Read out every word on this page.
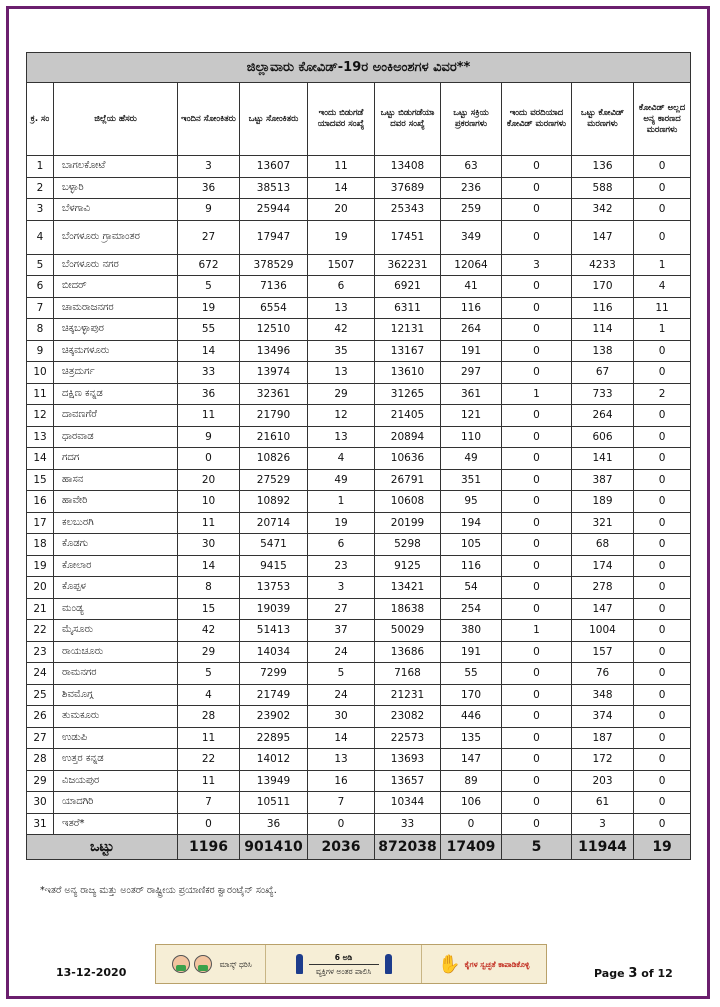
ಜಿಲ್ಲಾವಾರು ಕೋವಿಡ್-19ರ ಅಂಕಿಅಂಶಗಳ ವಿವರ**									
ಕ್ರ. ಸಂ	ಜಿಲ್ಲೆಯ ಹೆಸರು	ಇಂದಿನ ಸೋಂಕಿತರು	ಒಟ್ಟು ಸೋಂಕಿತರು	ಇಂದು ಬಿಡುಗಡೆ ಯಾದವರ ಸಂಖ್ಯೆ	ಒಟ್ಟು ಬಿಡುಗಡೆಯಾ ದವರ ಸಂಖ್ಯೆ	ಒಟ್ಟು ಸಕ್ರಿಯ ಪ್ರಕರಣಗಳು	ಇಂದು ವರದಿಯಾದ ಕೋವಿಡ್ ಮರಣಗಳು	ಒಟ್ಟು ಕೋವಿಡ್ ಮರಣಗಳು	ಕೋವಿಡ್ ಅಲ್ಲದ ಅನ್ಯ ಕಾರಣದ ಮರಣಗಳು
1	ಬಾಗಲಕೋಟೆ	3	13607	11	13408	63	0	136	0
2	ಬಳ್ಳಾರಿ	36	38513	14	37689	236	0	588	0
3	ಬೆಳಗಾವಿ	9	25944	20	25343	259	0	342	0
4	ಬೆಂಗಳೂರು ಗ್ರಾಮಾಂತರ	27	17947	19	17451	349	0	147	0
5	ಬೆಂಗಳೂರು ನಗರ	672	378529	1507	362231	12064	3	4233	1
6	ಬೀದರ್	5	7136	6	6921	41	0	170	4
7	ಚಾಮರಾಜನಗರ	19	6554	13	6311	116	0	116	11
8	ಚಿಕ್ಕಬಳ್ಳಾಪುರ	55	12510	42	12131	264	0	114	1
9	ಚಿಕ್ಕಮಗಳೂರು	14	13496	35	13167	191	0	138	0
10	ಚಿತ್ರದುರ್ಗ	33	13974	13	13610	297	0	67	0
11	ದಕ್ಷಿಣ ಕನ್ನಡ	36	32361	29	31265	361	1	733	2
12	ದಾವಣಗೆರೆ	11	21790	12	21405	121	0	264	0
13	ಧಾರವಾಡ	9	21610	13	20894	110	0	606	0
14	ಗದಗ	0	10826	4	10636	49	0	141	0
15	ಹಾಸನ	20	27529	49	26791	351	0	387	0
16	ಹಾವೇರಿ	10	10892	1	10608	95	0	189	0
17	ಕಲಬುರಗಿ	11	20714	19	20199	194	0	321	0
18	ಕೊಡಗು	30	5471	6	5298	105	0	68	0
19	ಕೋಲಾರ	14	9415	23	9125	116	0	174	0
20	ಕೊಪ್ಪಳ	8	13753	3	13421	54	0	278	0
21	ಮಂಡ್ಯ	15	19039	27	18638	254	0	147	0
22	ಮೈಸೂರು	42	51413	37	50029	380	1	1004	0
23	ರಾಯಚೂರು	29	14034	24	13686	191	0	157	0
24	ರಾಮನಗರ	5	7299	5	7168	55	0	76	0
25	ಶಿವಮೊಗ್ಗ	4	21749	24	21231	170	0	348	0
26	ತುಮಕೂರು	28	23902	30	23082	446	0	374	0
27	ಉಡುಪಿ	11	22895	14	22573	135	0	187	0
28	ಉತ್ತರ ಕನ್ನಡ	22	14012	13	13693	147	0	172	0
29	ವಿಜಯಪುರ	11	13949	16	13657	89	0	203	0
30	ಯಾದಗಿರಿ	7	10511	7	10344	106	0	61	0
31	ಇತರೆ*	0	36	0	33	0	0	3	0
ಒಟ್ಟು		1196	901410	2036	872038	17409	5	11944	19
*ಇತರೆ ಅನ್ಯ ರಾಜ್ಯ ಮತ್ತು ಅಂತರ್ ರಾಷ್ಟ್ರೀಯ ಪ್ರಯಾಣಿಕರ ಕ್ವಾರಂಟೈನ್ ಸಂಖ್ಯೆ.
ಮಾಸ್ಕ್ ಧರಿಸಿ
6 ಅಡಿ
ವ್ಯಕ್ತಿಗಳ ಅಂತರ ಪಾಲಿಸಿ	✋ ಕೈಗಳ ಸ್ವಚ್ಛತೆ ಕಾಪಾಡಿಕೊಳ್ಳಿ
13-12-2020	Page 3 of 12
